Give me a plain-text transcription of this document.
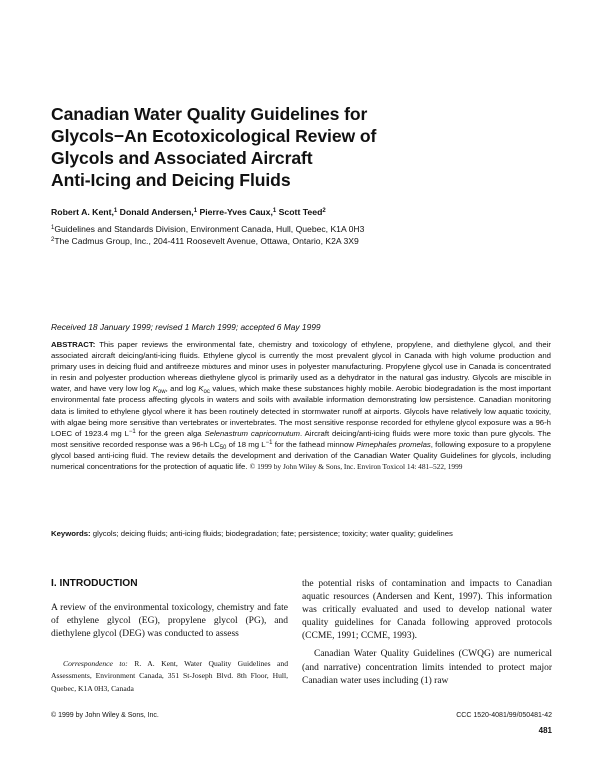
Canadian Water Quality Guidelines for
Glycols−An Ecotoxicological Review of
Glycols and Associated Aircraft
Anti-Icing and Deicing Fluids
Robert A. Kent,$^1$ Donald Andersen,$^1$ Pierre-Yves Caux,$^1$ Scott Teed$^2$
$^1$Guidelines and Standards Division, Environment Canada, Hull, Quebec, K1A 0H3
$^2$The Cadmus Group, Inc., 204-411 Roosevelt Avenue, Ottawa, Ontario, K2A 3X9
Received 18 January 1999; revised 1 March 1999; accepted 6 May 1999
ABSTRACT: This paper reviews the environmental fate, chemistry and toxicology of ethylene, propylene, and diethylene glycol, and their associated aircraft deicing/anti-icing fluids. Ethylene glycol is currently the most prevalent glycol in Canada with high volume production and primary uses in deicing fluid and antifreeze mixtures and minor uses in polyester manufacturing. Propylene glycol use in Canada is concentrated in resin and polyester production whereas diethylene glycol is primarily used as a dehydrator in the natural gas industry. Glycols are miscible in water, and have very low $\log K_{ow}$, and $\log K_{oc}$ values, which make these substances highly mobile. Aerobic biodegradation is the most important environmental fate process affecting glycols in waters and soils with available information demonstrating low persistence. Canadian monitoring data is limited to ethylene glycol where it has been routinely detected in stormwater runoff at airports. Glycols have relatively low aquatic toxicity, with algae being more sensitive than vertebrates or invertebrates. The most sensitive response recorded for ethylene glycol exposure was a 96-h LOEC of 1923.4 mg $L^{-1}$ for the green alga Selenastrum capricornutum. Aircraft deicing/anti-icing fluids were more toxic than pure glycols. The most sensitive recorded response was a 96-h $LC_{50}$ of 18 mg $L^{-1}$ for the fathead minnow Pimephales promelas, following exposure to a propylene glycol based anti-icing fluid. The review details the development and derivation of the Canadian Water Quality Guidelines for glycols, including numerical concentrations for the protection of aquatic life. © 1999 by John Wiley & Sons, Inc. Environ Toxicol 14: 481–522, 1999
Keywords: glycols; deicing fluids; anti-icing fluids; biodegradation; fate; persistence; toxicity; water quality; guidelines
I. INTRODUCTION
A review of the environmental toxicology, chemistry and fate of ethylene glycol (EG), propylene glycol (PG), and diethylene glycol (DEG) was conducted to assess
Correspondence to: R. A. Kent, Water Quality Guidelines and Assessments, Environment Canada, 351 St-Joseph Blvd. 8th Floor, Hull, Quebec, K1A 0H3, Canada

the potential risks of contamination and impacts to Canadian aquatic resources (Andersen and Kent, 1997). This information was critically evaluated and used to develop national water quality guidelines for Canada following approved protocols (CCME, 1991; CCME, 1993).

Canadian Water Quality Guidelines (CWQG) are numerical (and narrative) concentration limits intended to protect major Canadian water uses including (1) raw

© 1999 by John Wiley & Sons, Inc.	CCC 1520-4081/99/050481-42
481
